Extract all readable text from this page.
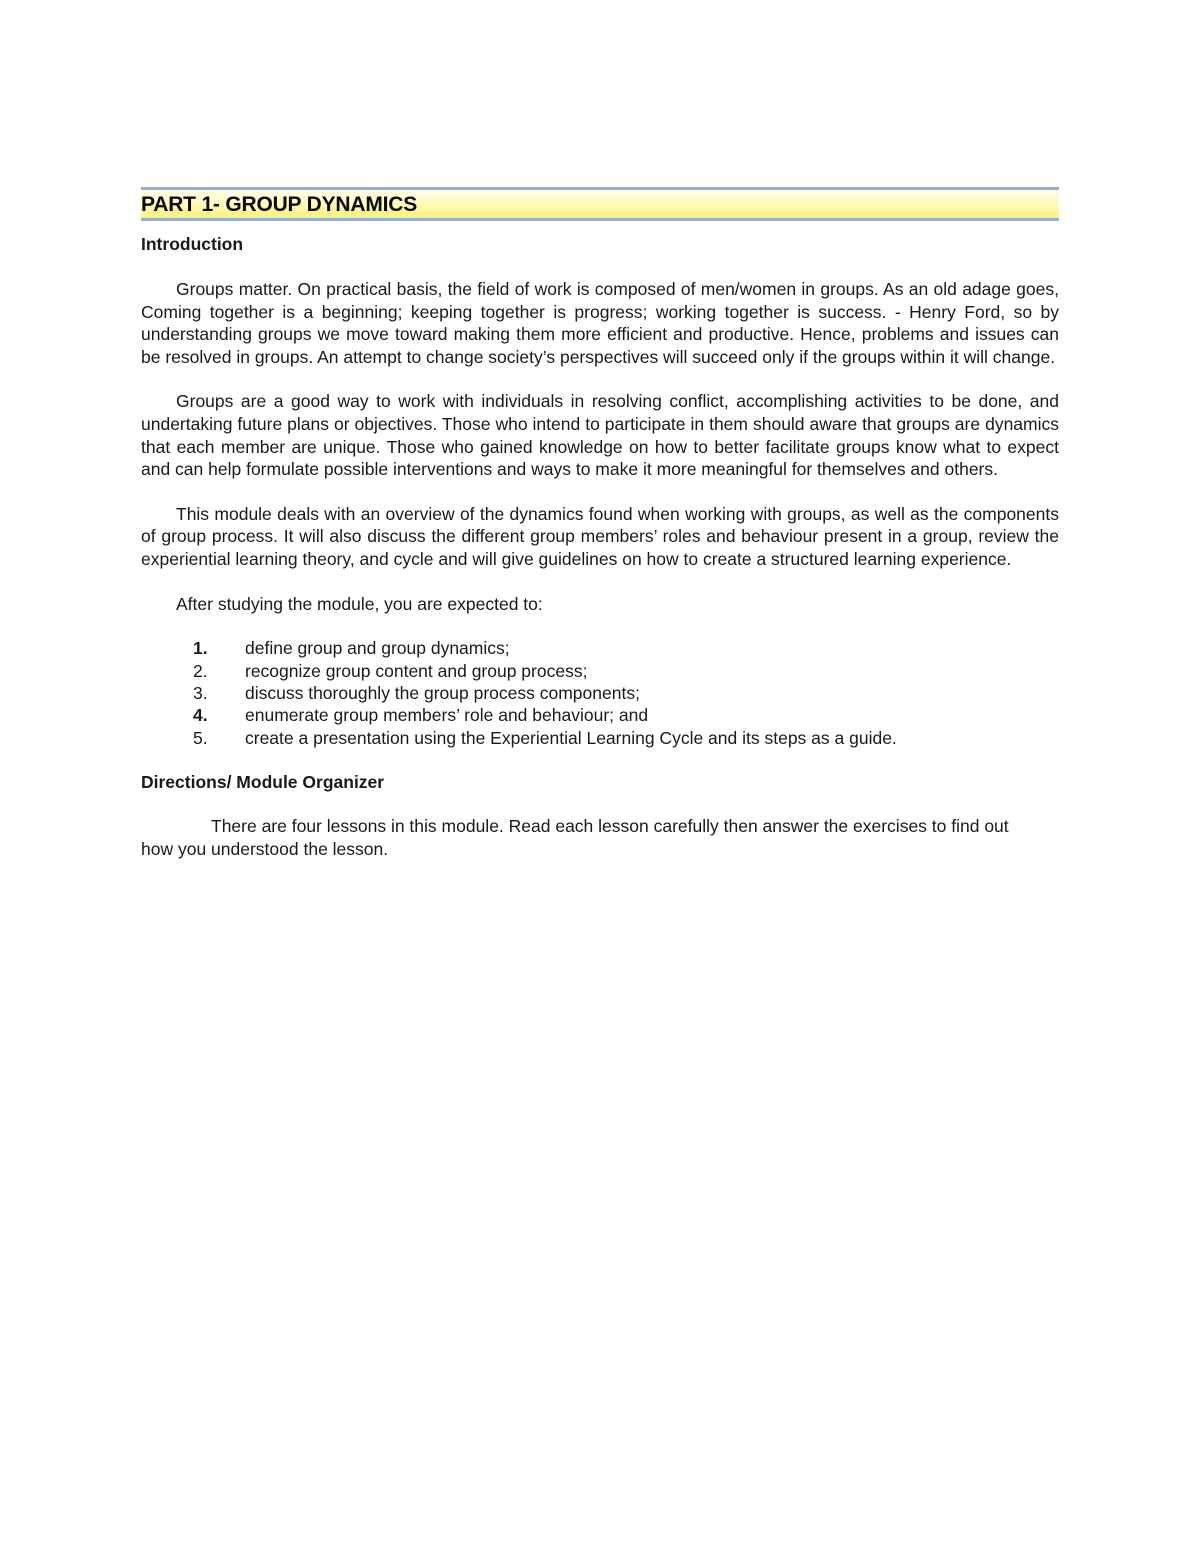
PART 1- GROUP DYNAMICS
Introduction

Groups matter. On practical basis, the field of work is composed of men/women in groups. As an old adage goes, Coming together is a beginning; keeping together is progress; working together is success. - Henry Ford, so by understanding groups we move toward making them more efficient and productive. Hence, problems and issues can be resolved in groups. An attempt to change society’s perspectives will succeed only if the groups within it will change.

Groups are a good way to work with individuals in resolving conflict, accomplishing activities to be done, and undertaking future plans or objectives. Those who intend to participate in them should aware that groups are dynamics that each member are unique. Those who gained knowledge on how to better facilitate groups know what to expect and can help formulate possible interventions and ways to make it more meaningful for themselves and others.

This module deals with an overview of the dynamics found when working with groups, as well as the components of group process. It will also discuss the different group members’ roles and behaviour present in a group, review the experiential learning theory, and cycle and will give guidelines on how to create a structured learning experience.

After studying the module, you are expected to:

1.	define group and group dynamics;
2.	recognize group content and group process;
3.	discuss thoroughly the group process components;
4.	enumerate group members’ role and behaviour; and
5.	create a presentation using the Experiential Learning Cycle and its steps as a guide.
Directions/ Module Organizer

There are four lessons in this module. Read each lesson carefully then answer the exercises to find out how you understood the lesson.
